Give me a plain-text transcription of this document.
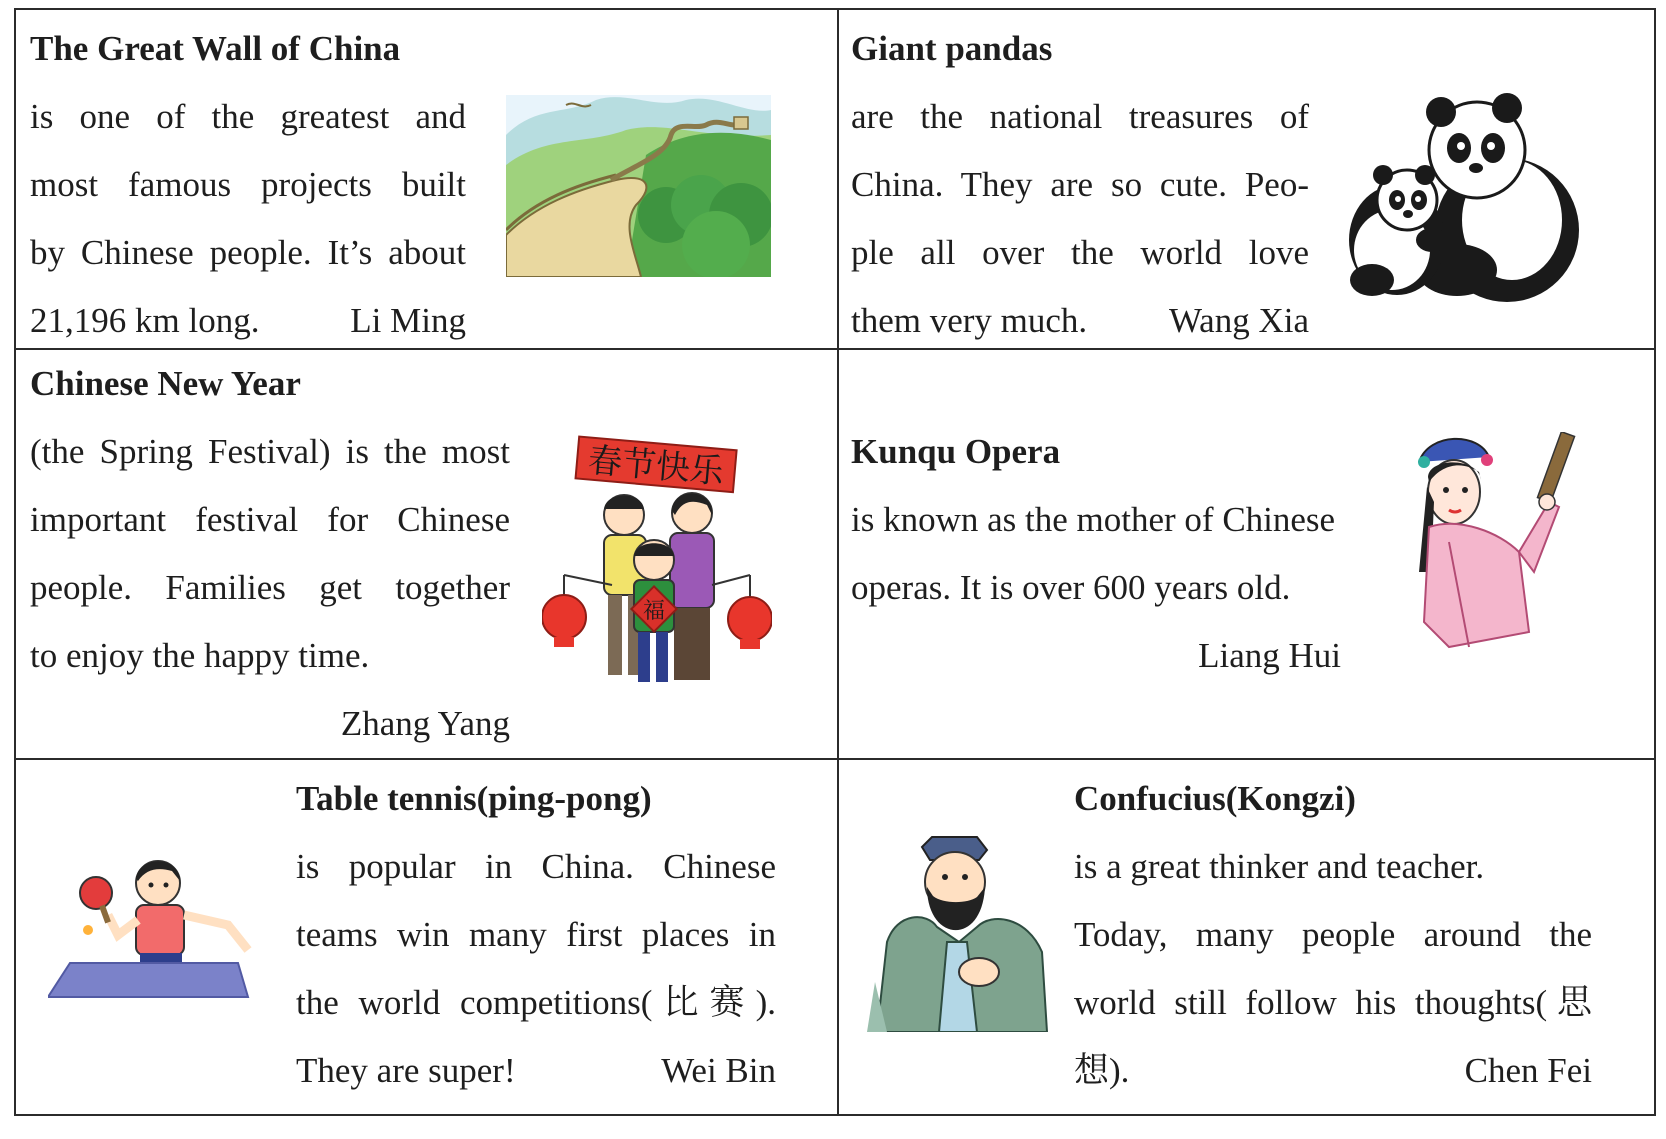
The Great Wall of China
is one of the greatest and
most famous projects built
by Chinese people. It’s about
21,196 km long.	Li Ming
Giant pandas
are the national treasures of
China. They are so cute. Peo-
ple all over the world love
them very much. Wang Xia
Chinese New Year
(the Spring Festival) is the most
important festival for Chinese
people. Families get together
to enjoy the happy time.
Zhang Yang
春节快乐
福
Kunqu Opera
is known as the mother of Chinese
operas. It is over 600 years old.
Liang Hui
Table tennis(ping-pong)
is popular in China. Chinese
teams win many first places in
the world competitions(比赛).
They are super!	Wei Bin
Confucius(Kongzi)
is a great thinker and teacher.
Today, many people around the
world still follow his thoughts(思
想).	Chen Fei
